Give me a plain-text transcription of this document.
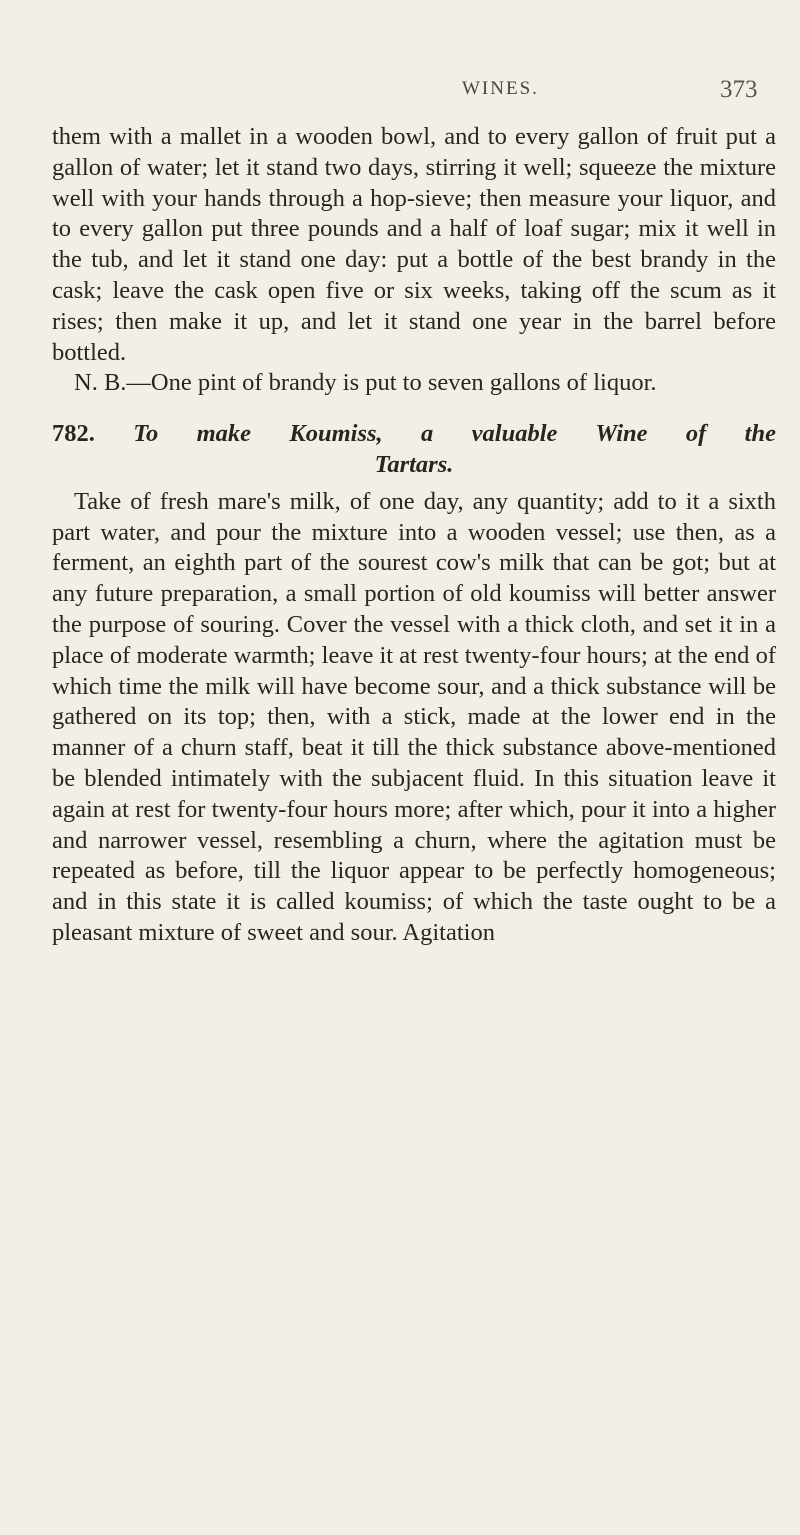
WINES.	373

them with a mallet in a wooden bowl, and to every gallon of fruit put a gallon of water; let it stand two days, stirring it well; squeeze the mixture well with your hands through a hop-sieve; then measure your liquor, and to every gallon put three pounds and a half of loaf sugar; mix it well in the tub, and let it stand one day: put a bottle of the best brandy in the cask; leave the cask open five or six weeks, taking off the scum as it rises; then make it up, and let it stand one year in the barrel before bottled.

N. B.—One pint of brandy is put to seven gallons of liquor.

782. To make Koumiss, a valuable Wine of the
Tartars.

Take of fresh mare's milk, of one day, any quantity; add to it a sixth part water, and pour the mixture into a wooden vessel; use then, as a ferment, an eighth part of the sourest cow's milk that can be got; but at any future preparation, a small portion of old koumiss will better answer the purpose of souring. Cover the vessel with a thick cloth, and set it in a place of moderate warmth; leave it at rest twenty-four hours; at the end of which time the milk will have become sour, and a thick substance will be gathered on its top; then, with a stick, made at the lower end in the manner of a churn staff, beat it till the thick substance above-mentioned be blended intimately with the subjacent fluid. In this situation leave it again at rest for twenty-four hours more; after which, pour it into a higher and narrower vessel, resembling a churn, where the agitation must be repeated as before, till the liquor appear to be perfectly homogeneous; and in this state it is called koumiss; of which the taste ought to be a pleasant mixture of sweet and sour. Agitation
